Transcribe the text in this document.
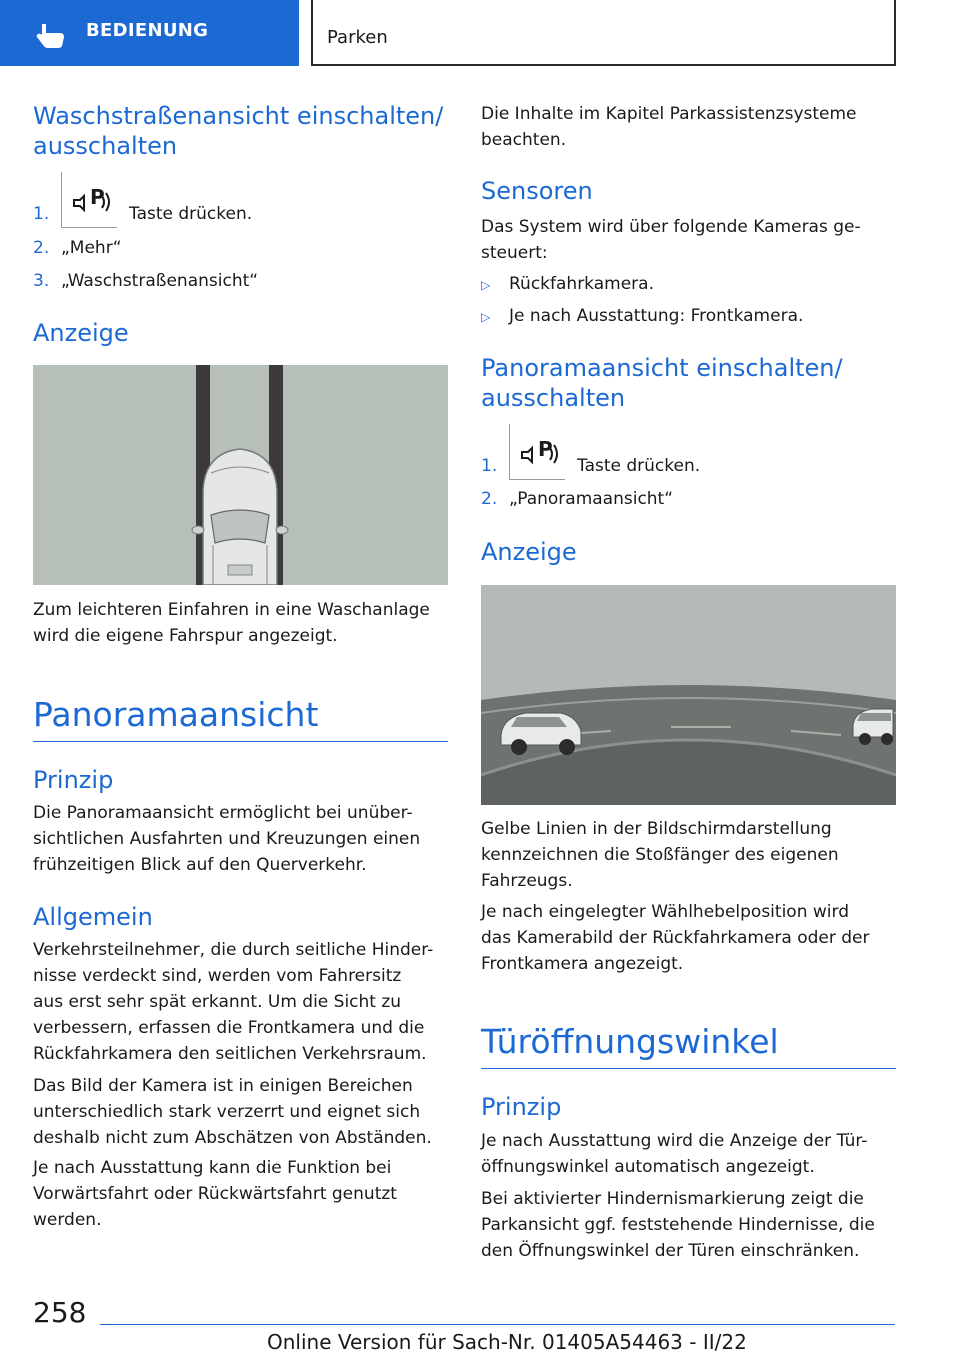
BEDIENUNG	Parken
Waschstraßenansicht einschalten/
ausschalten
1.
P
Taste drücken.
2. „Mehr“
3. „Waschstraßenansicht“
Anzeige
Zum leichteren Einfahren in eine Waschanlage
wird die eigene Fahrspur angezeigt.
Panoramaansicht
Prinzip
Die Panoramaansicht ermöglicht bei unüber-
sichtlichen Ausfahrten und Kreuzungen einen
frühzeitigen Blick auf den Querverkehr.
Allgemein
Verkehrsteilnehmer, die durch seitliche Hinder-
nisse verdeckt sind, werden vom Fahrersitz
aus erst sehr spät erkannt. Um die Sicht zu
verbessern, erfassen die Frontkamera und die
Rückfahrkamera den seitlichen Verkehrsraum.
Das Bild der Kamera ist in einigen Bereichen
unterschiedlich stark verzerrt und eignet sich
deshalb nicht zum Abschätzen von Abständen.
Je nach Ausstattung kann die Funktion bei
Vorwärtsfahrt oder Rückwärtsfahrt genutzt
werden.
Die Inhalte im Kapitel Parkassistenzsysteme
beachten.
Sensoren
Das System wird über folgende Kameras ge-
steuert:
▷ Rückfahrkamera.
▷ Je nach Ausstattung: Frontkamera.
Panoramaansicht einschalten/
ausschalten
1.
P
Taste drücken.
2. „Panoramaansicht“
Anzeige
Gelbe Linien in der Bildschirmdarstellung
kennzeichnen die Stoßfänger des eigenen
Fahrzeugs.
Je nach eingelegter Wählhebelposition wird
das Kamerabild der Rückfahrkamera oder der
Frontkamera angezeigt.
Türöffnungswinkel
Prinzip
Je nach Ausstattung wird die Anzeige der Tür-
öffnungswinkel automatisch angezeigt.
Bei aktivierter Hindernismarkierung zeigt die
Parkansicht ggf. feststehende Hindernisse, die
den Öffnungswinkel der Türen einschränken.
258
Online Version für Sach-Nr. 01405A54463 - II/22
